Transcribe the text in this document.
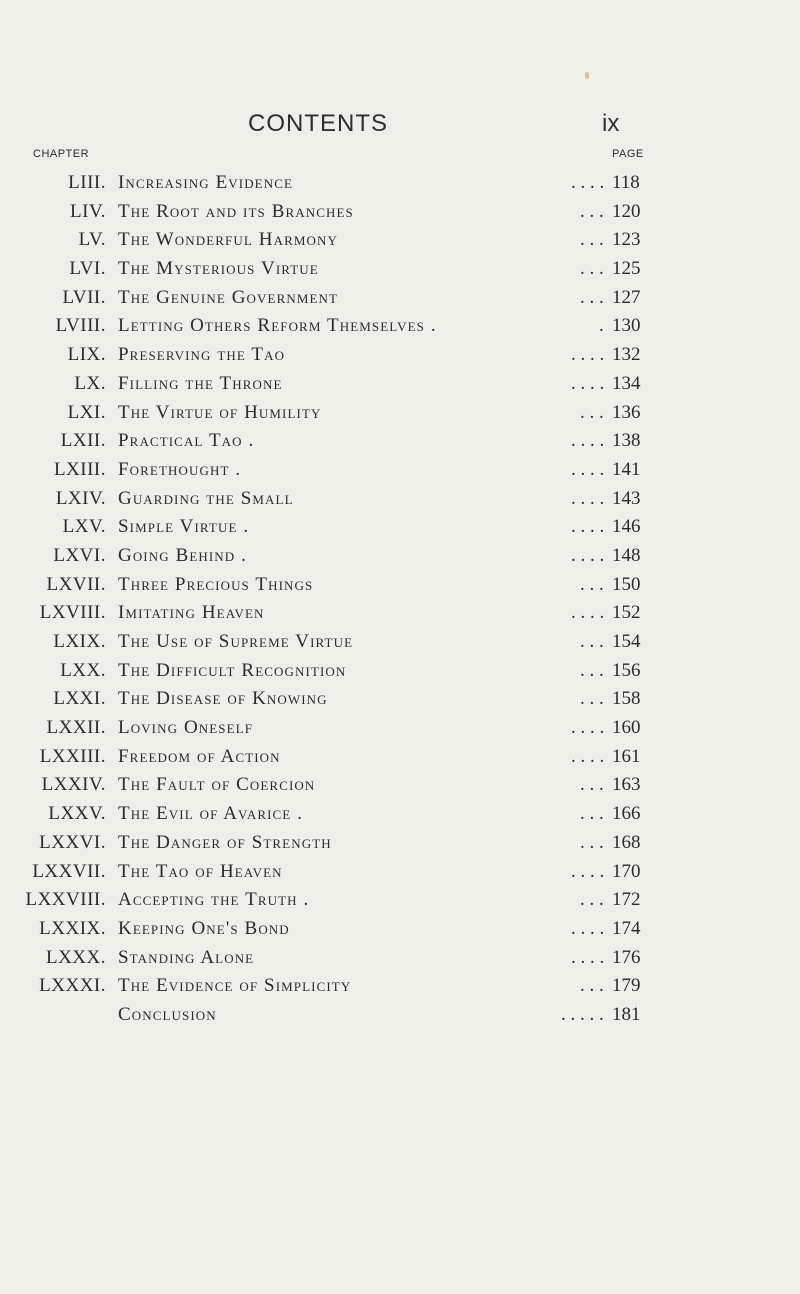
CONTENTS	ix
CHAPTER	PAGE
LIII. Increasing Evidence	. . . . 118
LIV. The Root and its Branches	. . . 120
LV. The Wonderful Harmony	. . . 123
LVI. The Mysterious Virtue	. . . 125
LVII. The Genuine Government	. . . 127
LVIII. Letting Others Reform Themselves .	. 130
LIX. Preserving the Tao	. . . . 132
LX. Filling the Throne	. . . . 134
LXI. The Virtue of Humility	. . . 136
LXII. Practical Tao .	. . . . 138
LXIII. Forethought .	. . . . 141
LXIV. Guarding the Small	. . . . 143
LXV. Simple Virtue .	. . . . 146
LXVI. Going Behind .	. . . . 148
LXVII. Three Precious Things	. . . 150
LXVIII. Imitating Heaven	. . . . 152
LXIX. The Use of Supreme Virtue	. . . 154
LXX. The Difficult Recognition	. . . 156
LXXI. The Disease of Knowing	. . . 158
LXXII. Loving Oneself	. . . . 160
LXXIII. Freedom of Action	. . . . 161
LXXIV. The Fault of Coercion	. . . 163
LXXV. The Evil of Avarice .	. . . 166
LXXVI. The Danger of Strength	. . . 168
LXXVII. The Tao of Heaven	. . . . 170
LXXVIII. Accepting the Truth .	. . . 172
LXXIX. Keeping One's Bond	. . . . 174
LXXX. Standing Alone	. . . . 176
LXXXI. The Evidence of Simplicity	. . . 179
Conclusion	. . . . . 181
